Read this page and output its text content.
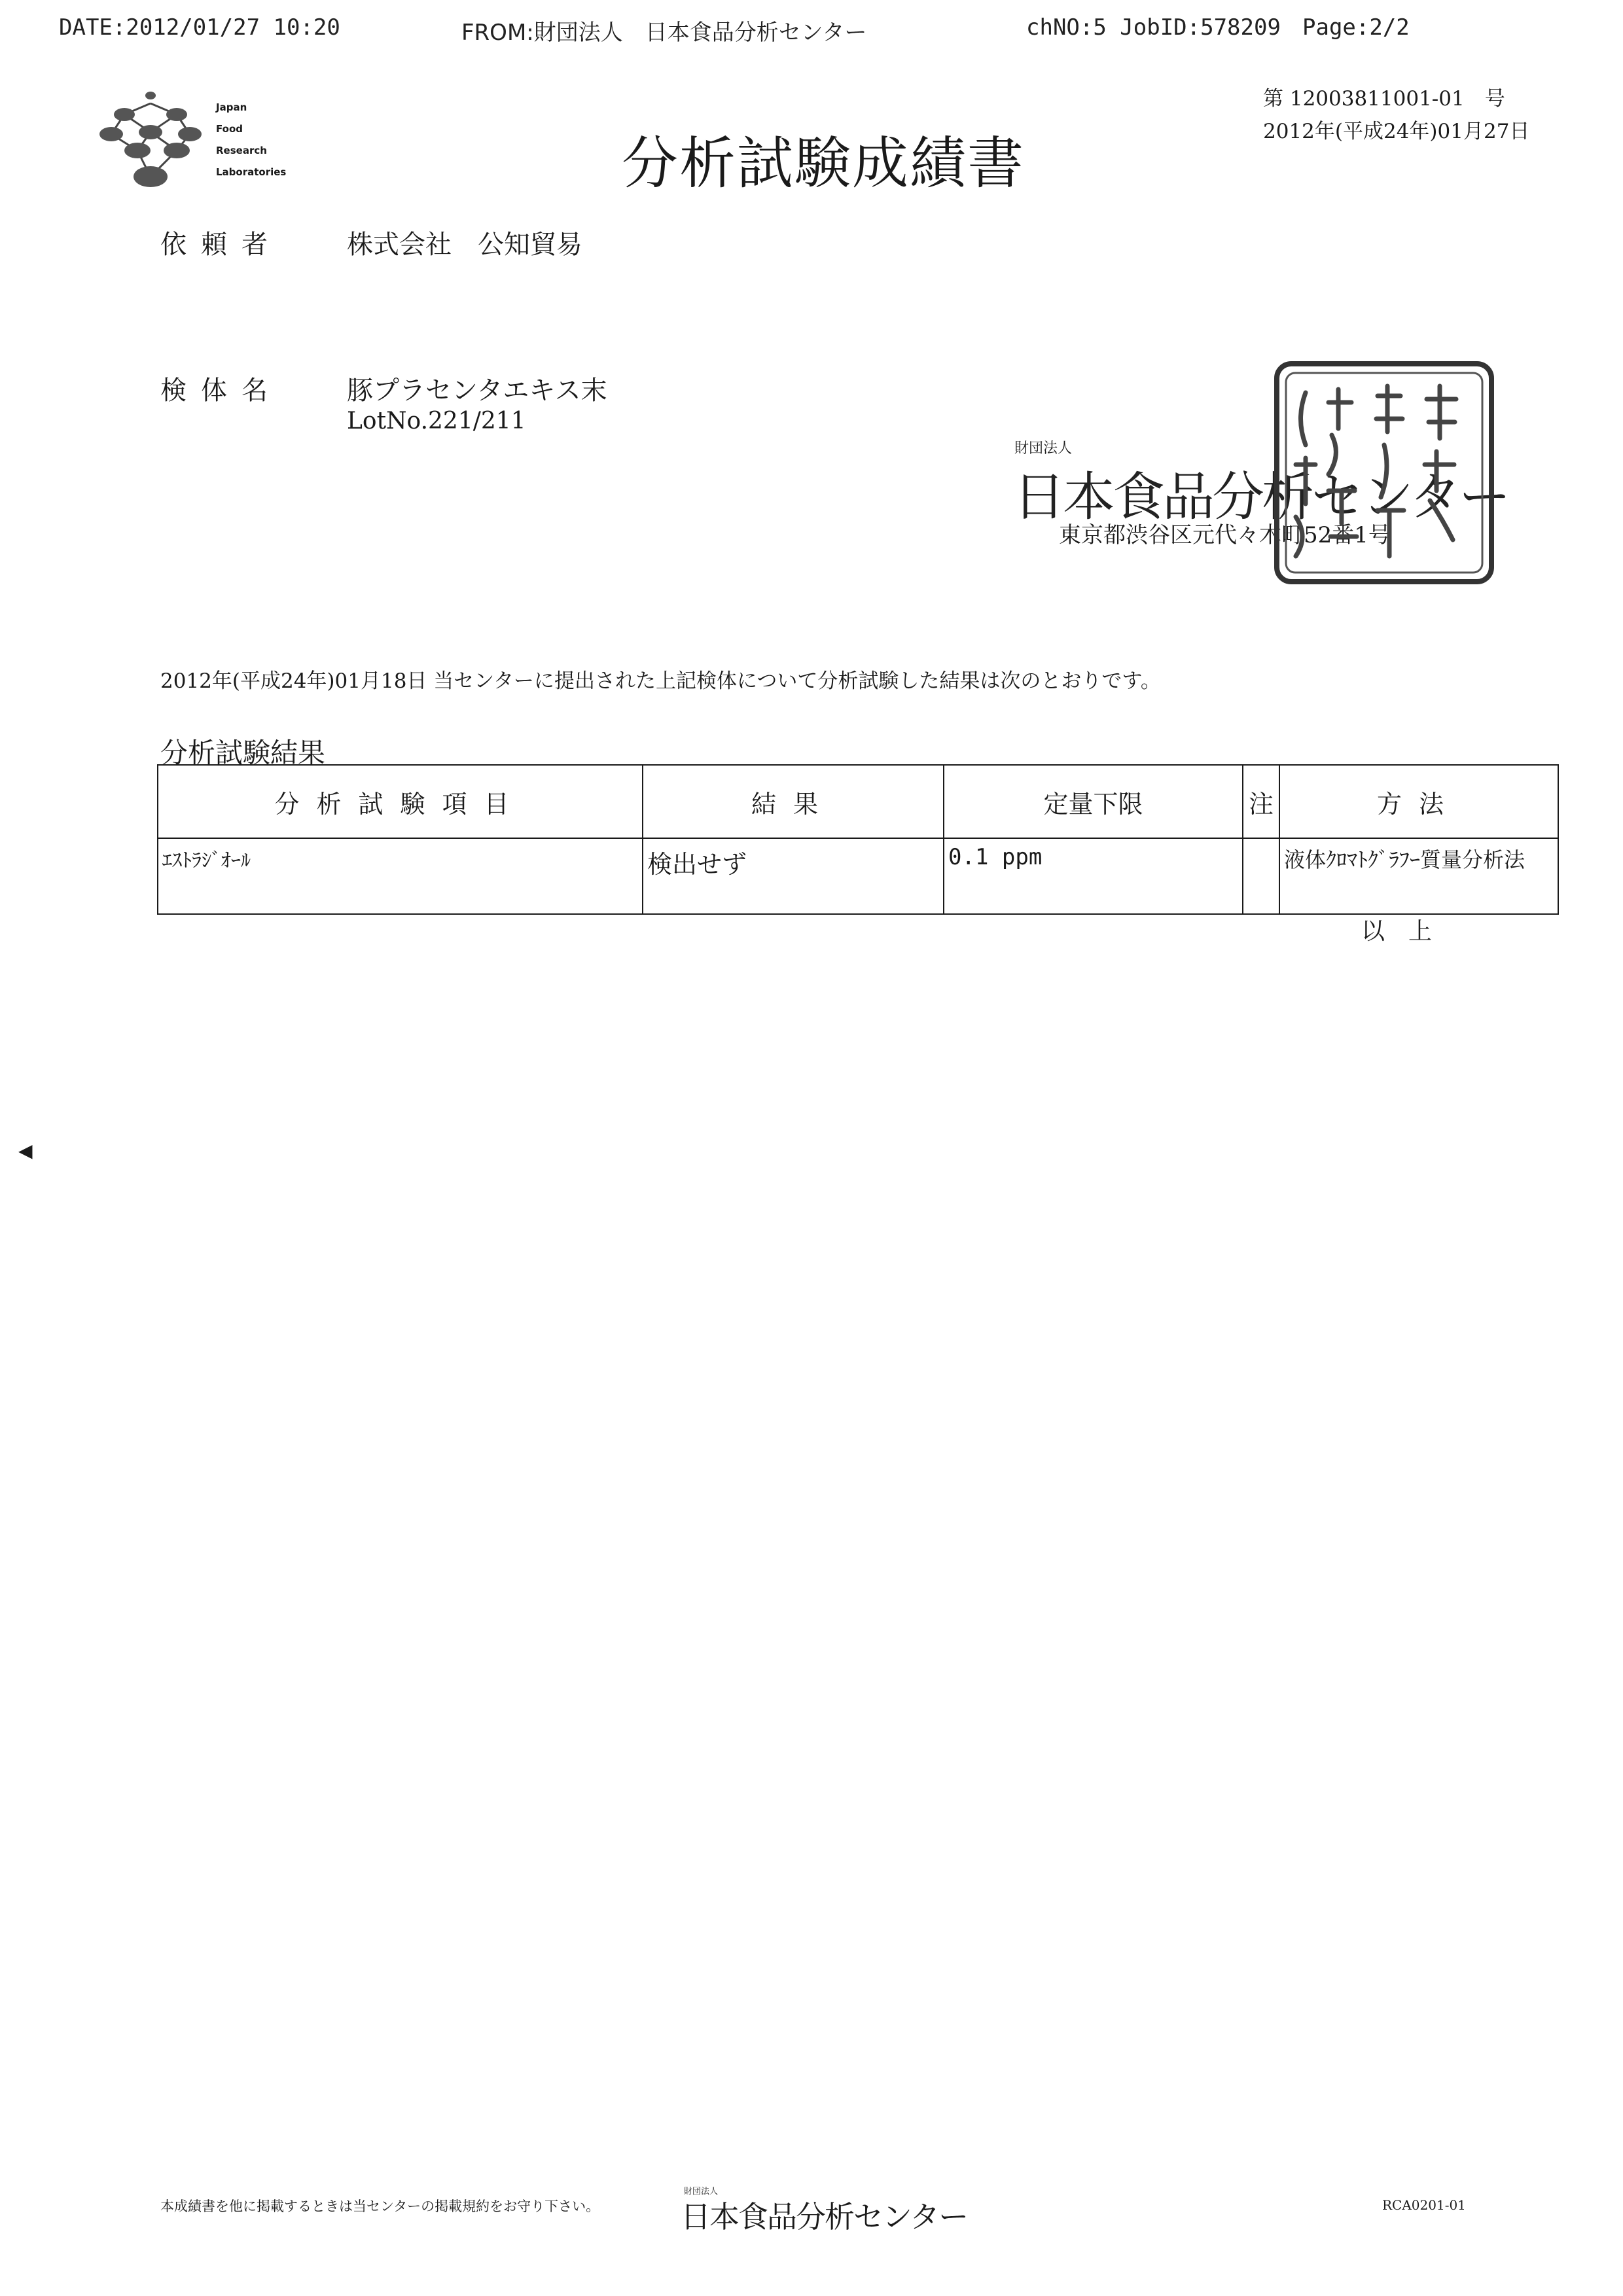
DATE:2012/01/27 10:20	FROM:財団法人　日本食品分析センター	chNO:5 JobID:578209 Page:2/2
Japan
Food
Research
Laboratories
第 12003811001-01　号
2012年(平成24年)01月27日
分析試験成績書
依頼者 株式会社　公知貿易
検体名 豚プラセンタエキス末
LotNo.221/211
財団法人
日本食品分析センター
東京都渋谷区元代々木町52番1号
2012年(平成24年)01月18日 当センターに提出された上記検体について分析試験した結果は次のとおりです。
分析試験結果
分析試験項目	結果	定量下限	注	方法
ｴｽﾄﾗｼﾞｵｰﾙ	検出せず	0.1 ppm		液体ｸﾛﾏﾄｸﾞﾗﾌｰ質量分析法
以　上
◀
本成績書を他に掲載するときは当センターの掲載規約をお守り下さい。
財団法人
日本食品分析センター	RCA0201-01
